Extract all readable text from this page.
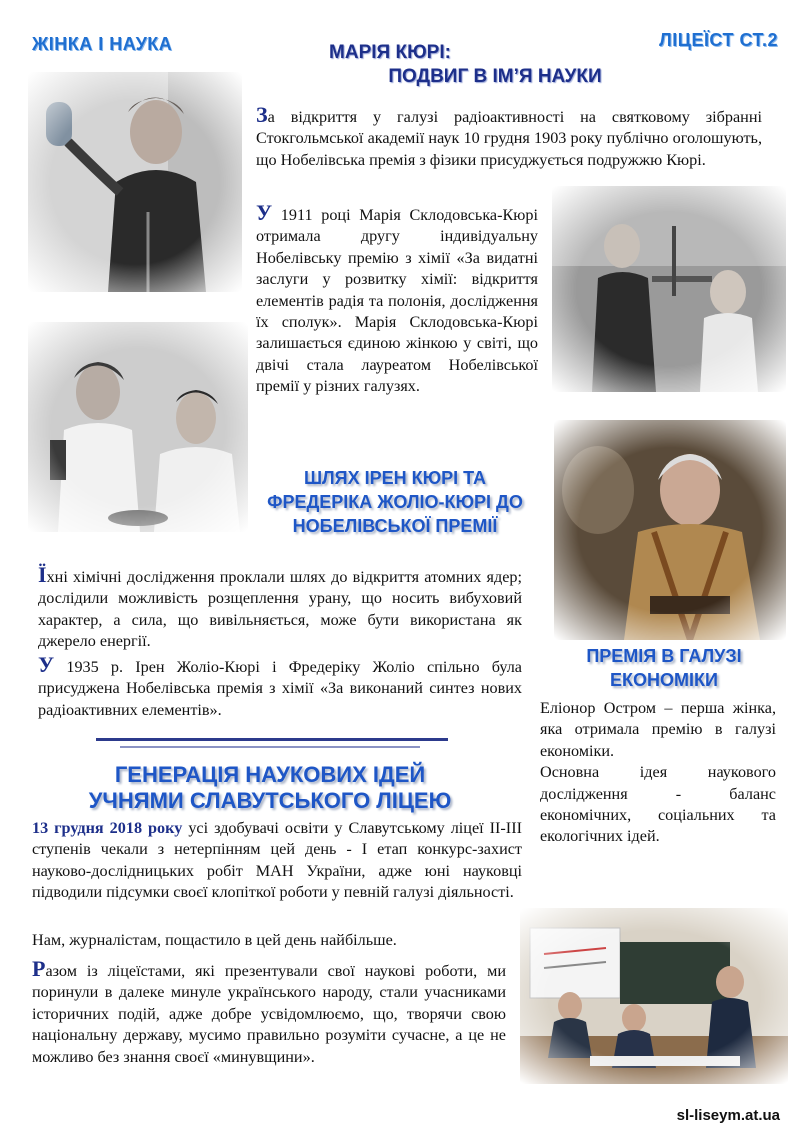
ЖІНКА І НАУКА	ЛІЦЕЇСТ СТ.2
МАРІЯ КЮРІ:
ПОДВИГ В ІМ’Я НАУКИ

За відкриття у галузі радіоактивності на святковому зібранні Стокгольмської академії наук 10 грудня 1903 року публічно оголошують, що Нобелівська премія з фізики присуджується подружжю Кюрі.

У 1911 році Марія Склодовська-Кюрі отримала другу індивідуальну Нобелівську премію з хімії «За видатні заслуги у розвитку хімії: відкриття елементів радія та полонія, дослідження їх сполук». Марія Склодовська-Кюрі залишається єдиною жінкою у світі, що двічі стала лауреатом Нобелівської премії у різних галузях.

ШЛЯХ ІРЕН КЮРІ ТА
ФРЕДЕРІКА ЖОЛІО-КЮРІ ДО
НОБЕЛІВСЬКОЇ ПРЕМІЇ

Їхні хімічні дослідження проклали шлях до відкриття атомних ядер; дослідили можливість розщеплення урану, що носить вибуховий характер, а сила, що вивільняється, може бути використана як джерело енергії.

У 1935 р. Ірен Жоліо-Кюрі і Фредеріку Жоліо спільно була присуджена Нобелівська премія з хімії «За виконаний синтез нових радіоактивних елементів».

ПРЕМІЯ В ГАЛУЗІ
ЕКОНОМІКИ

Еліонор Остром – перша жінка, яка отримала премію в галузі економіки.

Основна ідея наукового дослідження - баланс економічних, соціальних та екологічних ідей.

ГЕНЕРАЦІЯ НАУКОВИХ ІДЕЙ
УЧНЯМИ СЛАВУТСЬКОГО ЛІЦЕЮ

13 грудня 2018 року усі здобувачі освіти у Славутському ліцеї ІІ-ІІІ ступенів чекали з нетерпінням цей день - І етап конкурс-захист науково-дослідницьких робіт МАН України, адже юні науковці підводили підсумки своєї клопіткої роботи у певній галузі діяльності.

Нам, журналістам, пощастило в цей день найбільше.

Разом із ліцеїстами, які презентували свої наукові роботи, ми поринули в далеке минуле українського народу, стали учасниками історичних подій, адже добре усвідомлюємо, що, творячи свою національну державу, мусимо правильно розуміти сучасне, а це не можливо без знання своєї «минувщини».

sl-liseym.at.ua
